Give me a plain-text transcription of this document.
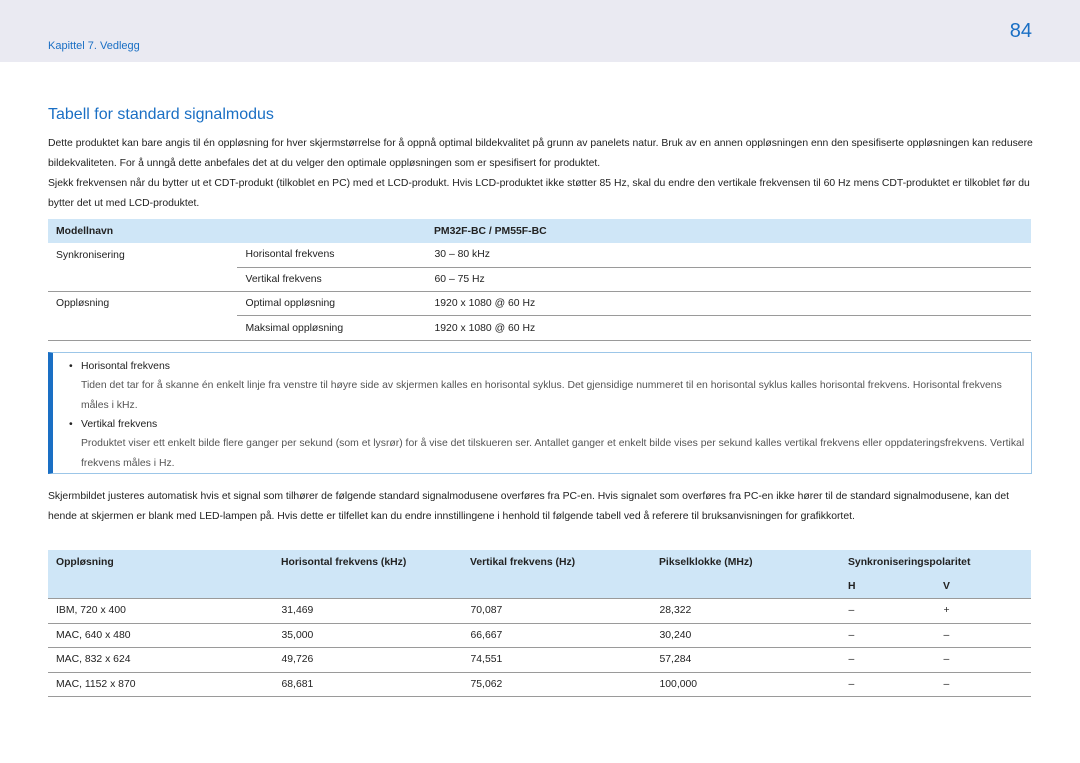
Kapittel 7. Vedlegg
84
Tabell for standard signalmodus

Dette produktet kan bare angis til én oppløsning for hver skjermstørrelse for å oppnå optimal bildekvalitet på grunn av panelets natur. Bruk av en annen oppløsningen enn den spesifiserte oppløsningen kan redusere bildekvaliteten. For å unngå dette anbefales det at du velger den optimale oppløsningen som er spesifisert for produktet.

Sjekk frekvensen når du bytter ut et CDT-produkt (tilkoblet en PC) med et LCD-produkt. Hvis LCD-produktet ikke støtter 85 Hz, skal du endre den vertikale frekvensen til 60 Hz mens CDT-produktet er tilkoblet før du bytter det ut med LCD-produktet.

Modellnavn		PM32F-BC / PM55F-BC
Synkronisering	Horisontal frekvens	30 – 80 kHz
	Vertikal frekvens	60 – 75 Hz
Oppløsning	Optimal oppløsning	1920 x 1080 @ 60 Hz
	Maksimal oppløsning	1920 x 1080 @ 60 Hz
• Horisontal frekvens
Tiden det tar for å skanne én enkelt linje fra venstre til høyre side av skjermen kalles en horisontal syklus. Det gjensidige nummeret til en horisontal syklus kalles horisontal frekvens. Horisontal frekvens måles i kHz.
• Vertikal frekvens
Produktet viser ett enkelt bilde flere ganger per sekund (som et lysrør) for å vise det tilskueren ser. Antallet ganger et enkelt bilde vises per sekund kalles vertikal frekvens eller oppdateringsfrekvens. Vertikal frekvens måles i Hz.

Skjermbildet justeres automatisk hvis et signal som tilhører de følgende standard signalmodusene overføres fra PC-en. Hvis signalet som overføres fra PC-en ikke hører til de standard signalmodusene, kan det hende at skjermen er blank med LED-lampen på. Hvis dette er tilfellet kan du endre innstillingene i henhold til følgende tabell ved å referere til bruksanvisningen for grafikkortet.

Oppløsning	Horisontal frekvens (kHz)	Vertikal frekvens (Hz)	Pikselklokke (MHz)	Synkroniseringspolaritet	
				H	V
IBM, 720 x 400	31,469	70,087	28,322	–	+
MAC, 640 x 480	35,000	66,667	30,240	–	–
MAC, 832 x 624	49,726	74,551	57,284	–	–
MAC, 1152 x 870	68,681	75,062	100,000	–	–
